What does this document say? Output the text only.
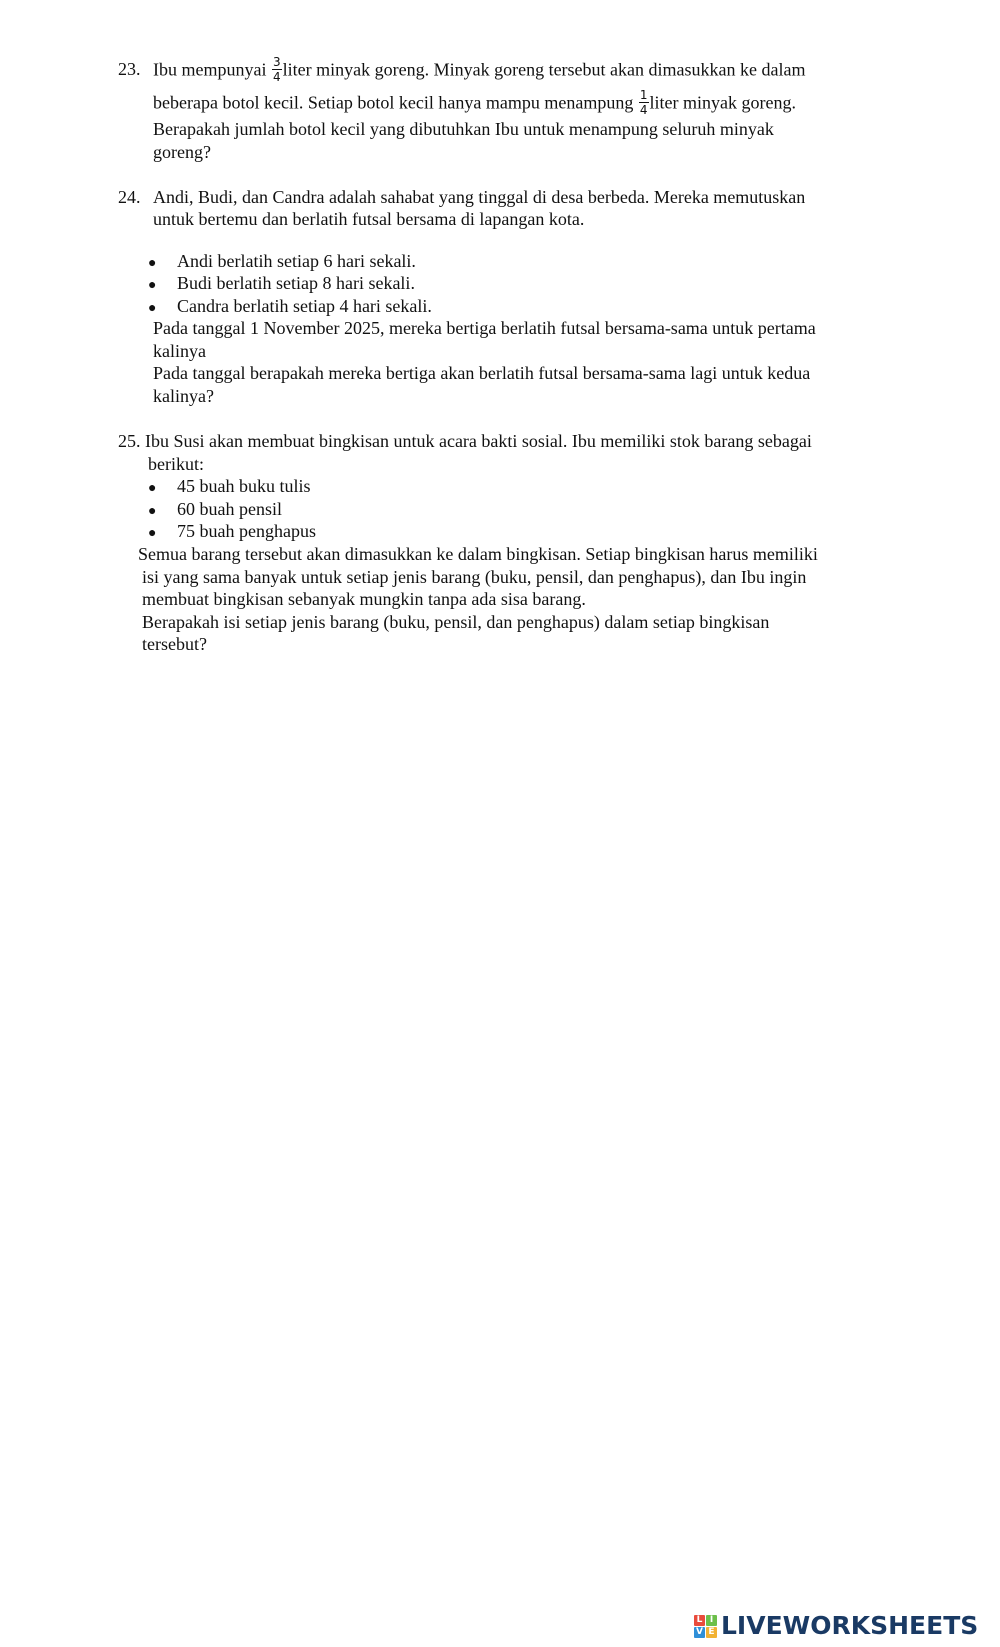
23. Ibu mempunyai $\frac{3}{4}$ liter minyak goreng. Minyak goreng tersebut akan dimasukkan ke dalam
beberapa botol kecil. Setiap botol kecil hanya mampu menampung $\frac{1}{4}$ liter minyak goreng.
Berapakah jumlah botol kecil yang dibutuhkan Ibu untuk menampung seluruh minyak
goreng?
24. Andi, Budi, dan Candra adalah sahabat yang tinggal di desa berbeda. Mereka memutuskan
untuk bertemu dan berlatih futsal bersama di lapangan kota.
● Andi berlatih setiap 6 hari sekali.
● Budi berlatih setiap 8 hari sekali.
● Candra berlatih setiap 4 hari sekali.
Pada tanggal 1 November 2025, mereka bertiga berlatih futsal bersama-sama untuk pertama
kalinya
Pada tanggal berapakah mereka bertiga akan berlatih futsal bersama-sama lagi untuk kedua
kalinya?
25. Ibu Susi akan membuat bingkisan untuk acara bakti sosial. Ibu memiliki stok barang sebagai
berikut:
● 45 buah buku tulis
● 60 buah pensil
● 75 buah penghapus
Semua barang tersebut akan dimasukkan ke dalam bingkisan. Setiap bingkisan harus memiliki
isi yang sama banyak untuk setiap jenis barang (buku, pensil, dan penghapus), dan Ibu ingin
membuat bingkisan sebanyak mungkin tanpa ada sisa barang.
Berapakah isi setiap jenis barang (buku, pensil, dan penghapus) dalam setiap bingkisan
tersebut?
L I
V E LIVEWORKSHEETS
